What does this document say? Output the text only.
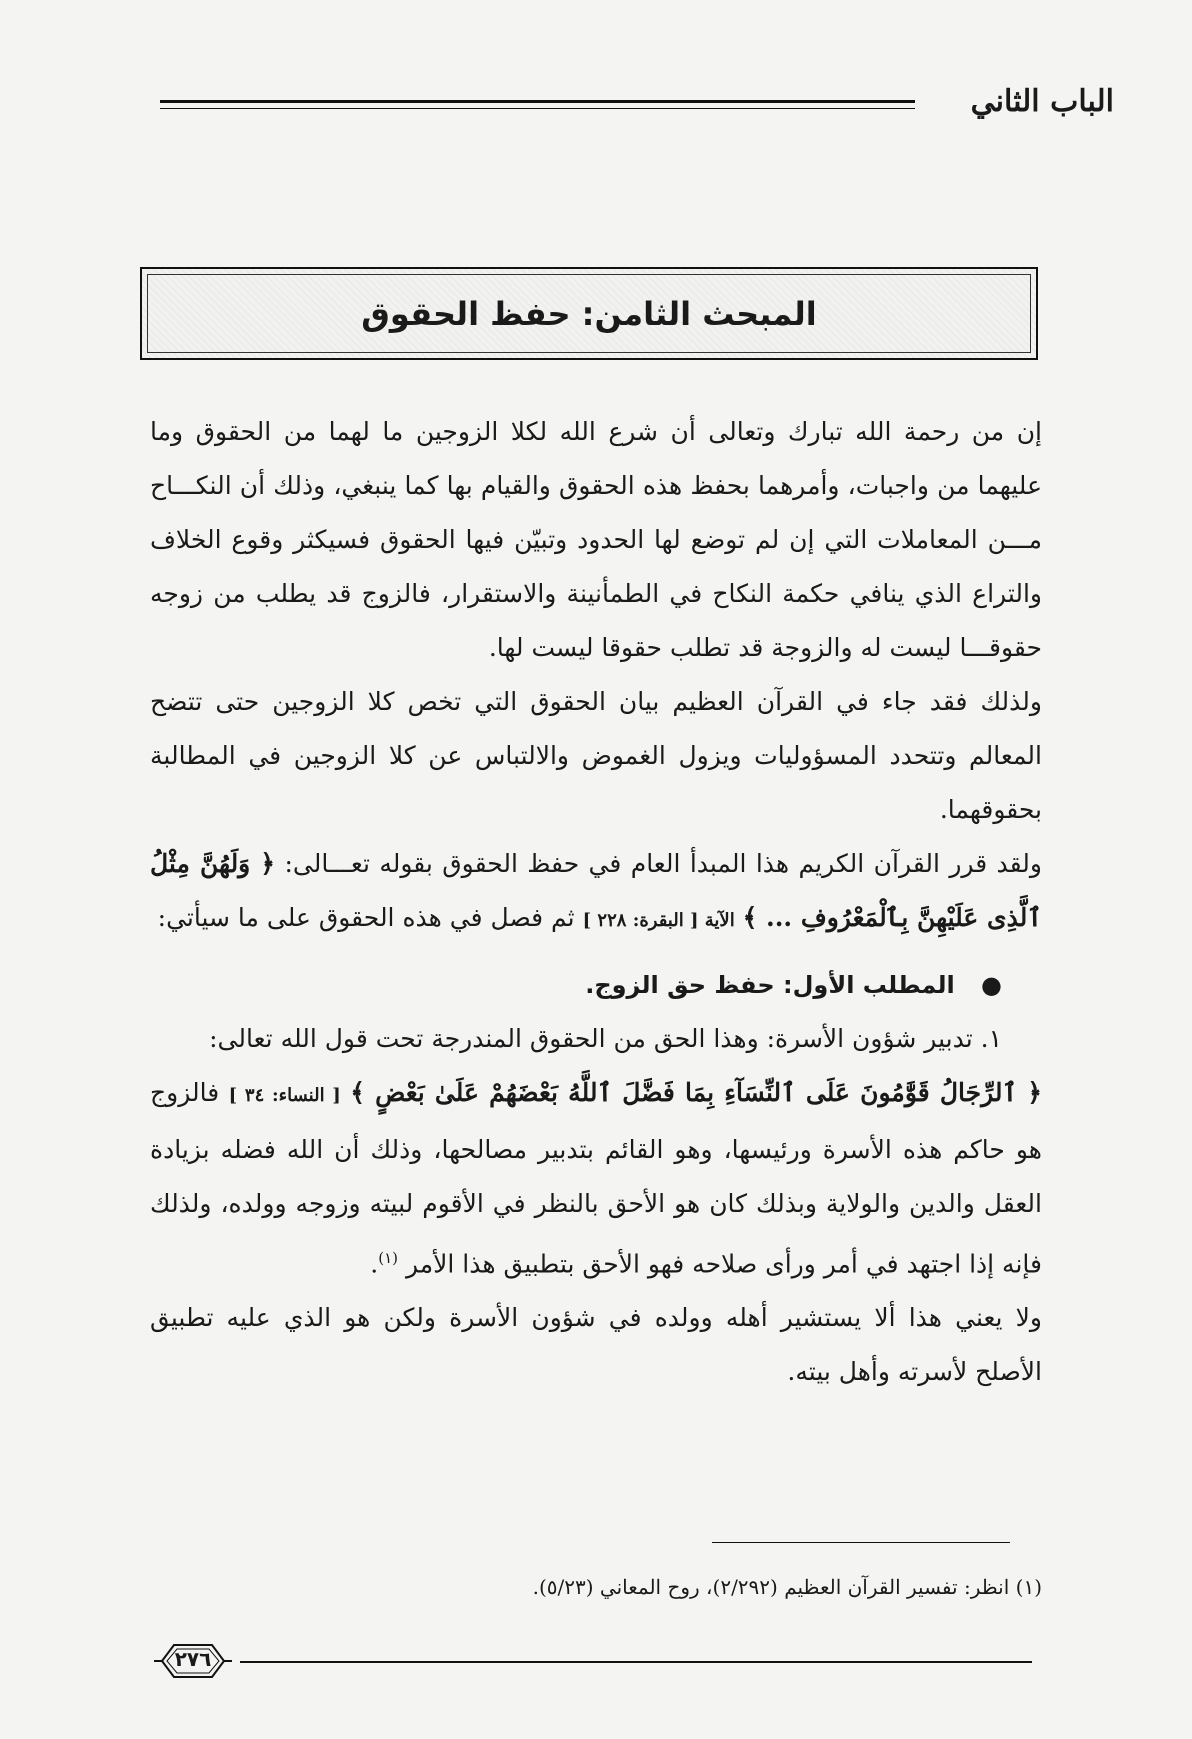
الباب الثاني
المبحث الثامن: حفظ الحقوق

إن من رحمة الله تبارك وتعالى أن شرع الله لكلا الزوجين ما لهما من الحقوق وما عليهما من واجبات، وأمرهما بحفظ هذه الحقوق والقيام بها كما ينبغي، وذلك أن النكـــاح مـــن المعاملات التي إن لم توضع لها الحدود وتبيّن فيها الحقوق فسيكثر وقوع الخلاف والتراع الذي ينافي حكمة النكاح في الطمأنينة والاستقرار، فالزوج قد يطلب من زوجه حقوقـــا ليست له والزوجة قد تطلب حقوقا ليست لها.

ولذلك فقد جاء في القرآن العظيم بيان الحقوق التي تخص كلا الزوجين حتى تتضح المعالم وتتحدد المسؤوليات ويزول الغموض والالتباس عن كلا الزوجين في المطالبة بحقوقهما.

ولقد قرر القرآن الكريم هذا المبدأ العام في حفظ الحقوق بقوله تعـــالى: ﴿ وَلَهُنَّ مِثْلُ ٱلَّذِى عَلَيْهِنَّ بِٱلْمَعْرُوفِ ... ﴾ الآية [ البقرة: ٢٢٨ ] ثم فصل في هذه الحقوق على ما سيأتي:

● المطلب الأول: حفظ حق الزوج.

١. تدبير شؤون الأسرة: وهذا الحق من الحقوق المندرجة تحت قول الله تعالى:

﴿ ٱلرِّجَالُ قَوَّٰمُونَ عَلَى ٱلنِّسَآءِ بِمَا فَضَّلَ ٱللَّهُ بَعْضَهُمْ عَلَىٰ بَعْضٍ ﴾ [ النساء: ٣٤ ] فالزوج هو حاكم هذه الأسرة ورئيسها، وهو القائم بتدبير مصالحها، وذلك أن الله فضله بزيادة العقل والدين والولاية وبذلك كان هو الأحق بالنظر في الأقوم لبيته وزوجه وولده، ولذلك فإنه إذا اجتهد في أمر ورأى صلاحه فهو الأحق بتطبيق هذا الأمر $^{(١)}$.

ولا يعني هذا ألا يستشير أهله وولده في شؤون الأسرة ولكن هو الذي عليه تطبيق الأصلح لأسرته وأهل بيته.

(١) انظر: تفسير القرآن العظيم (٢/٢٩٢)، روح المعاني (٥/٢٣).
٢٧٦
